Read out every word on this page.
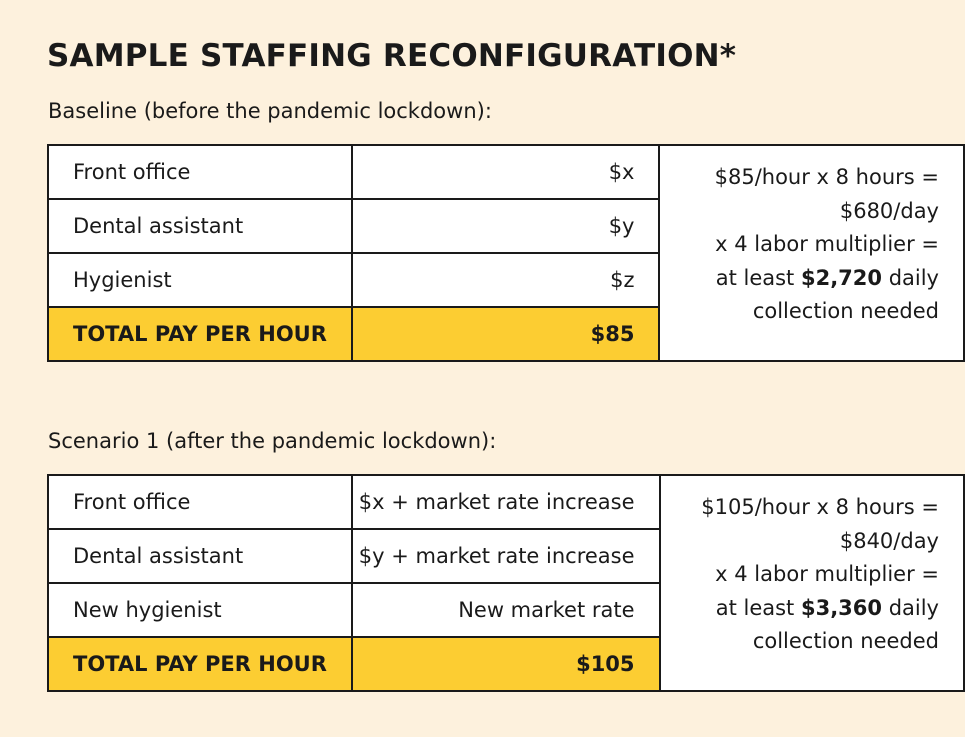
SAMPLE STAFFING RECONFIGURATION*
Baseline (before the pandemic lockdown):
Front office	$x	$85/hour x 8 hours =
$680/day
x 4 labor multiplier =
at least $2,720 daily
collection needed

Dental assistant	$y	
Hygienist	$z	
TOTAL PAY PER HOUR	$85	
Scenario 1 (after the pandemic lockdown):
Front office	$x + market rate increase	$105/hour x 8 hours =
$840/day
x 4 labor multiplier =
at least $3,360 daily
collection needed

Dental assistant	$y + market rate increase	
New hygienist	New market rate	
TOTAL PAY PER HOUR	$105	
